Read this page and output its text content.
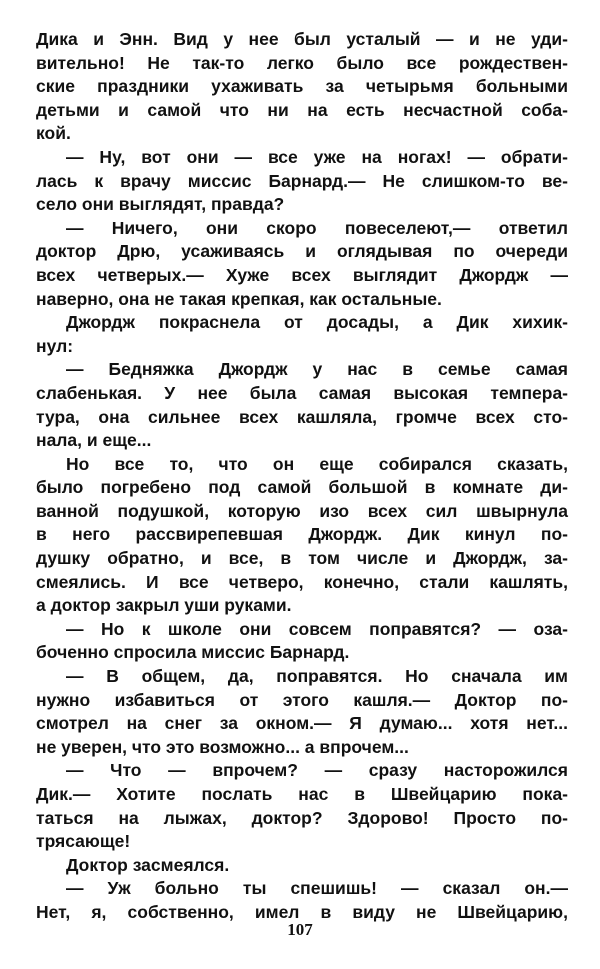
Дика и Энн. Вид у нее был усталый — и не уди-
вительно! Не так-то легко было все рождествен-
ские праздники ухаживать за четырьмя больными
детьми и самой что ни на есть несчастной соба-
кой.
— Ну, вот они — все уже на ногах! — обрати-
лась к врачу миссис Барнард.— Не слишком-то ве-
село они выглядят, правда?
— Ничего, они скоро повеселеют,— ответил
доктор Дрю, усаживаясь и оглядывая по очереди
всех четверых.— Хуже всех выглядит Джордж —
наверно, она не такая крепкая, как остальные.
Джордж покраснела от досады, а Дик хихик-
нул:
— Бедняжка Джордж у нас в семье самая
слабенькая. У нее была самая высокая темпера-
тура, она сильнее всех кашляла, громче всех сто-
нала, и еще...
Но все то, что он еще собирался сказать,
было погребено под самой большой в комнате ди-
ванной подушкой, которую изо всех сил швырнула
в него рассвирепевшая Джордж. Дик кинул по-
душку обратно, и все, в том числе и Джордж, за-
смеялись. И все четверо, конечно, стали кашлять,
а доктор закрыл уши руками.
— Но к школе они совсем поправятся? — оза-
боченно спросила миссис Барнард.
— В общем, да, поправятся. Но сначала им
нужно избавиться от этого кашля.— Доктор по-
смотрел на снег за окном.— Я думаю... хотя нет...
не уверен, что это возможно... а впрочем...
— Что — впрочем? — сразу насторожился
Дик.— Хотите послать нас в Швейцарию пока-
таться на лыжах, доктор? Здорово! Просто по-
трясающе!
Доктор засмеялся.
— Уж больно ты спешишь! — сказал он.—
Нет, я, собственно, имел в виду не Швейцарию,
107
